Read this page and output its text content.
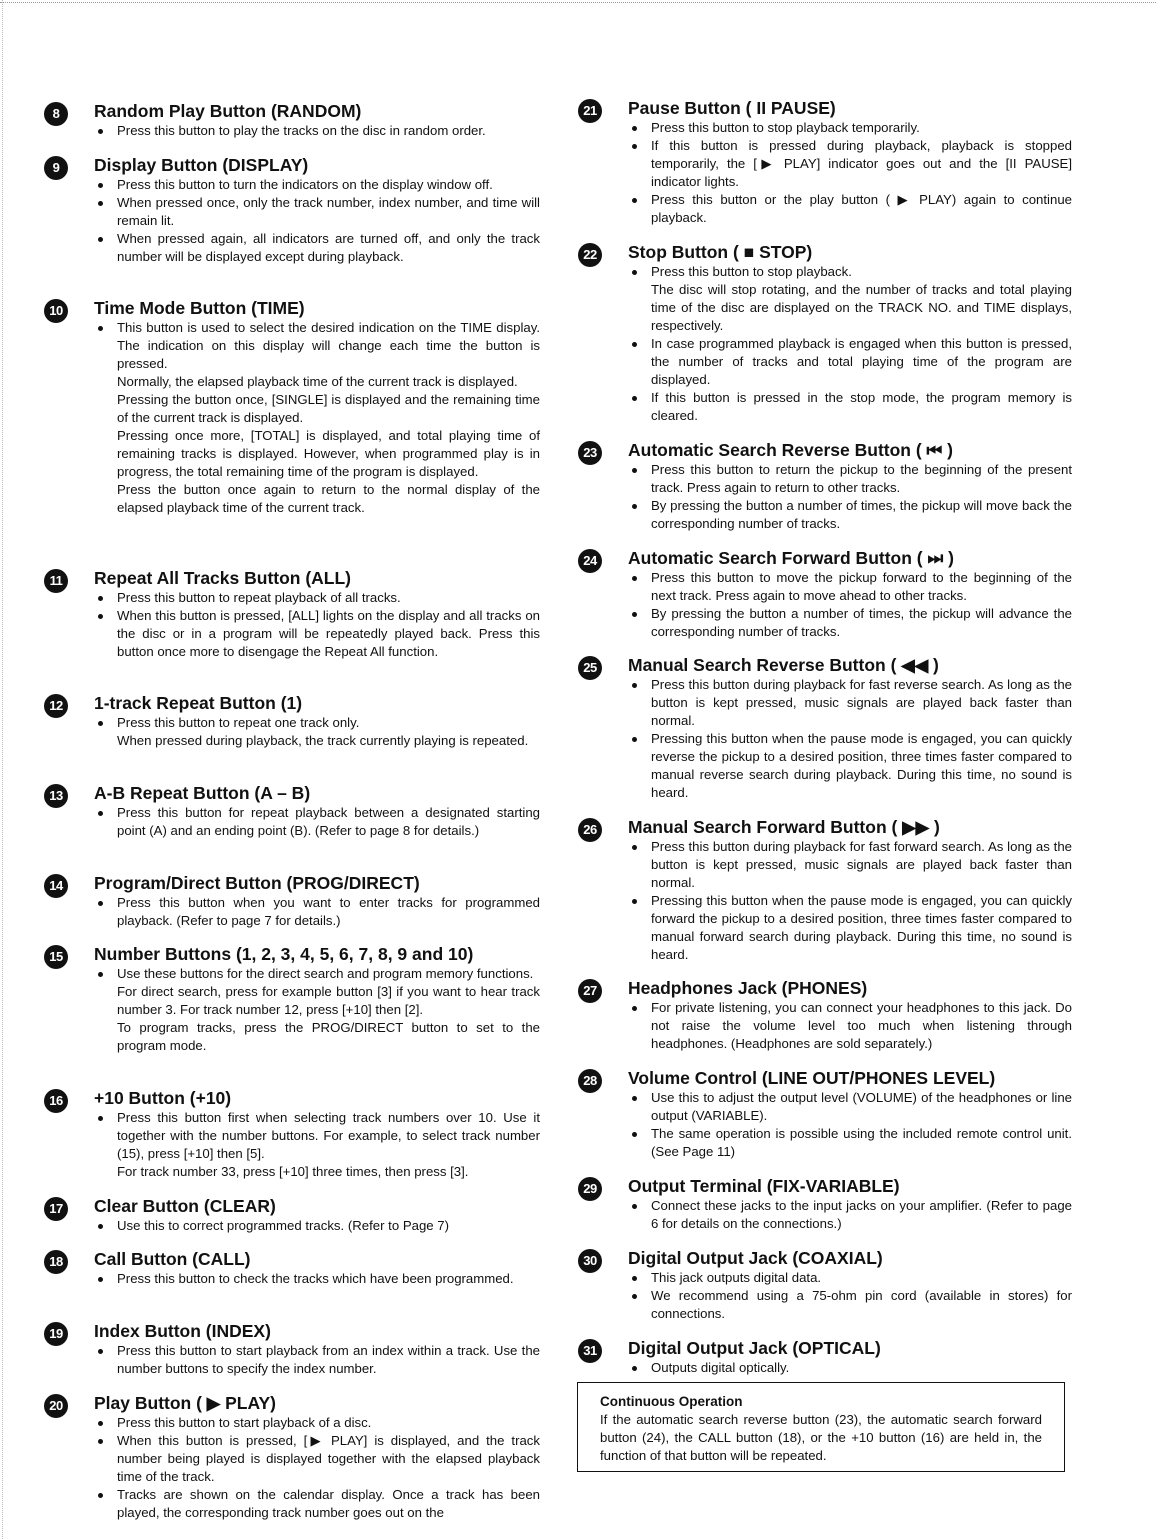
8	Random Play Button (RANDOM)
Press this button to play the tracks on the disc in random order.
9	Display Button (DISPLAY)
Press this button to turn the indicators on the display window off.
When pressed once, only the track number, index number, and time will remain lit.
When pressed again, all indicators are turned off, and only the track number will be displayed except during playback.
10	Time Mode Button (TIME)
This button is used to select the desired indication on the TIME display. The indication on this display will change each time the button is pressed.
Normally, the elapsed playback time of the current track is displayed.
Pressing the button once, [SINGLE] is displayed and the remaining time of the current track is displayed.
Pressing once more, [TOTAL] is displayed, and total playing time of remaining tracks is displayed. However, when programmed play is in progress, the total remaining time of the program is displayed.
Press the button once again to return to the normal display of the elapsed playback time of the current track.
11	Repeat All Tracks Button (ALL)
Press this button to repeat playback of all tracks.
When this button is pressed, [ALL] lights on the display and all tracks on the disc or in a program will be repeatedly played back. Press this button once more to disengage the Repeat All function.
12	1-track Repeat Button (1)
Press this button to repeat one track only.
When pressed during playback, the track currently playing is repeated.
13	A-B Repeat Button (A – B)
Press this button for repeat playback between a designated starting point (A) and an ending point (B). (Refer to page 8 for details.)
14	Program/Direct Button (PROG/DIRECT)
Press this button when you want to enter tracks for programmed playback. (Refer to page 7 for details.)
15	Number Buttons (1, 2, 3, 4, 5, 6, 7, 8, 9 and 10)
Use these buttons for the direct search and program memory functions.
For direct search, press for example button [3] if you want to hear track number 3. For track number 12, press [+10] then [2].
To program tracks, press the PROG/DIRECT button to set to the program mode.
16	+10 Button (+10)
Press this button first when selecting track numbers over 10. Use it together with the number buttons. For example, to select track number (15), press [+10] then [5].
For track number 33, press [+10] three times, then press [3].
17	Clear Button (CLEAR)
Use this to correct programmed tracks. (Refer to Page 7)
18	Call Button (CALL)
Press this button to check the tracks which have been programmed.
19	Index Button (INDEX)
Press this button to start playback from an index within a track. Use the number buttons to specify the index number.
20	Play Button ( ▶ PLAY)
Press this button to start playback of a disc.
When this button is pressed, [▶ PLAY] is displayed, and the track number being played is displayed together with the elapsed playback time of the track.
Tracks are shown on the calendar display. Once a track has been played, the corresponding track number goes out on the
21	Pause Button ( II PAUSE)
Press this button to stop playback temporarily.
If this button is pressed during playback, playback is stopped temporarily, the [▶ PLAY] indicator goes out and the [II PAUSE] indicator lights.
Press this button or the play button ( ▶ PLAY) again to continue playback.
22	Stop Button ( ■ STOP)
Press this button to stop playback.
The disc will stop rotating, and the number of tracks and total playing time of the disc are displayed on the TRACK NO. and TIME displays, respectively.
In case programmed playback is engaged when this button is pressed, the number of tracks and total playing time of the program are displayed.
If this button is pressed in the stop mode, the program memory is cleared.
23	Automatic Search Reverse Button ( ⏮ )
Press this button to return the pickup to the beginning of the present track. Press again to return to other tracks.
By pressing the button a number of times, the pickup will move back the corresponding number of tracks.
24	Automatic Search Forward Button ( ⏭ )
Press this button to move the pickup forward to the beginning of the next track. Press again to move ahead to other tracks.
By pressing the button a number of times, the pickup will advance the corresponding number of tracks.
25	Manual Search Reverse Button ( ◀◀ )
Press this button during playback for fast reverse search. As long as the button is kept pressed, music signals are played back faster than normal.
Pressing this button when the pause mode is engaged, you can quickly reverse the pickup to a desired position, three times faster compared to manual reverse search during playback. During this time, no sound is heard.
26	Manual Search Forward Button ( ▶▶ )
Press this button during playback for fast forward search. As long as the button is kept pressed, music signals are played back faster than normal.
Pressing this button when the pause mode is engaged, you can quickly forward the pickup to a desired position, three times faster compared to manual forward search during playback. During this time, no sound is heard.
27	Headphones Jack (PHONES)
For private listening, you can connect your headphones to this jack. Do not raise the volume level too much when listening through headphones. (Headphones are sold separately.)
28	Volume Control (LINE OUT/PHONES LEVEL)
Use this to adjust the output level (VOLUME) of the headphones or line output (VARIABLE).
The same operation is possible using the included remote control unit. (See Page 11)
29	Output Terminal (FIX-VARIABLE)
Connect these jacks to the input jacks on your amplifier. (Refer to page 6 for details on the connections.)
30	Digital Output Jack (COAXIAL)
This jack outputs digital data.
We recommend using a 75-ohm pin cord (available in stores) for connections.
31	Digital Output Jack (OPTICAL)
Outputs digital optically.
Continuous Operation
If the automatic search reverse button (23), the automatic search forward button (24), the CALL button (18), or the +10 button (16) are held in, the function of that button will be repeated.
